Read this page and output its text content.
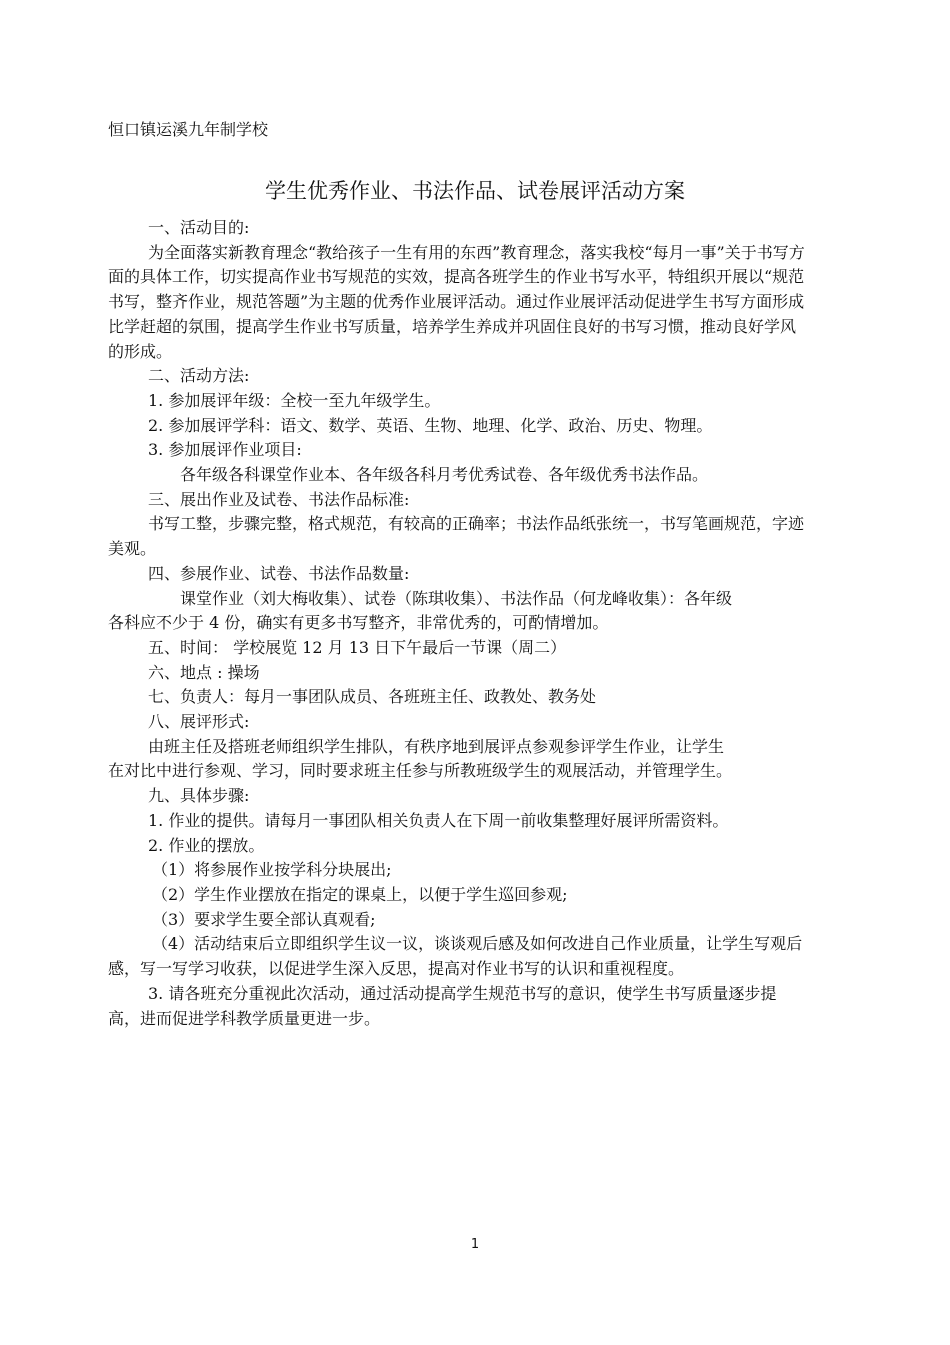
恒口镇运溪九年制学校
学生优秀作业、书法作品、试卷展评活动方案

一、活动目的:

为全面落实新教育理念“教给孩子一生有用的东西”教育理念，落实我校“每月一事”关于书写方面的具体工作，切实提高作业书写规范的实效，提高各班学生的作业书写水平，特组织开展以“规范书写，整齐作业，规范答题”为主题的优秀作业展评活动。通过作业展评活动促进学生书写方面形成比学赶超的氛围，提高学生作业书写质量，培养学生养成并巩固住良好的书写习惯，推动良好学风的形成。

二、活动方法:

1. 参加展评年级：全校一至九年级学生。

2. 参加展评学科：语文、数学、英语、生物、地理、化学、政治、历史、物理。

3. 参加展评作业项目:

各年级各科课堂作业本、各年级各科月考优秀试卷、各年级优秀书法作品。

三、展出作业及试卷、书法作品标准:

书写工整，步骤完整，格式规范，有较高的正确率；书法作品纸张统一，书写笔画规范，字迹美观。

四、参展作业、试卷、书法作品数量:

课堂作业（刘大梅收集）、试卷（陈琪收集）、书法作品（何龙峰收集）：各年级

各科应不少于 4 份，确实有更多书写整齐，非常优秀的，可酌情增加。

五、时间： 学校展览 12 月 13 日下午最后一节课（周二）

六、地点 : 操场

七、负责人：每月一事团队成员、各班班主任、政教处、教务处

八、展评形式:

由班主任及搭班老师组织学生排队，有秩序地到展评点参观参评学生作业，让学生

在对比中进行参观、学习，同时要求班主任参与所教班级学生的观展活动，并管理学生。

九、具体步骤:

1. 作业的提供。请每月一事团队相关负责人在下周一前收集整理好展评所需资料。

2. 作业的摆放。

（1）将参展作业按学科分块展出;

（2）学生作业摆放在指定的课桌上，以便于学生巡回参观;

（3）要求学生要全部认真观看;

（4）活动结束后立即组织学生议一议，谈谈观后感及如何改进自己作业质量，让学生写观后感，写一写学习收获，以促进学生深入反思，提高对作业书写的认识和重视程度。

3. 请各班充分重视此次活动，通过活动提高学生规范书写的意识，使学生书写质量逐步提高，进而促进学科教学质量更进一步。

1
